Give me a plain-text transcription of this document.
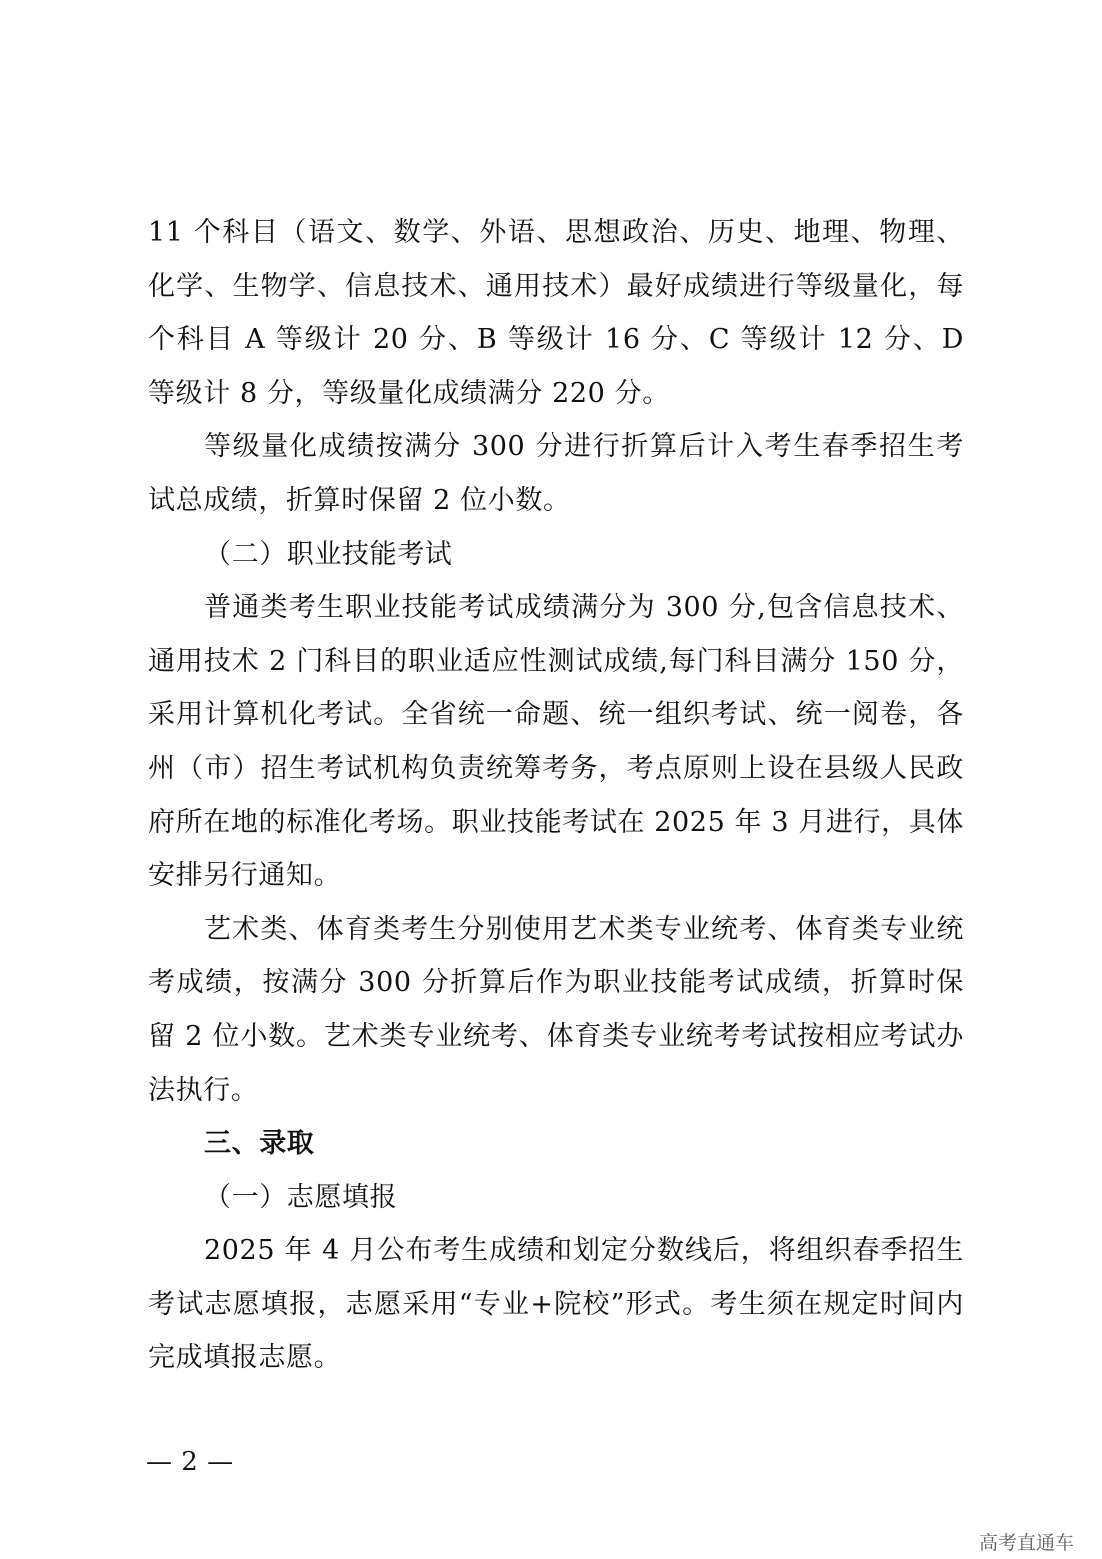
11 个科目（语文、数学、外语、思想政治、历史、地理、物理、化学、生物学、信息技术、通用技术）最好成绩进行等级量化，每个科目 A 等级计 20 分、B 等级计 16 分、C 等级计 12 分、D 等级计 8 分，等级量化成绩满分 220 分。

等级量化成绩按满分 300 分进行折算后计入考生春季招生考试总成绩，折算时保留 2 位小数。

（二）职业技能考试

普通类考生职业技能考试成绩满分为 300 分,包含信息技术、通用技术 2 门科目的职业适应性测试成绩,每门科目满分 150 分，采用计算机化考试。全省统一命题、统一组织考试、统一阅卷，各州（市）招生考试机构负责统筹考务，考点原则上设在县级人民政府所在地的标准化考场。职业技能考试在 2025 年 3 月进行，具体安排另行通知。

艺术类、体育类考生分别使用艺术类专业统考、体育类专业统考成绩，按满分 300 分折算后作为职业技能考试成绩，折算时保留 2 位小数。艺术类专业统考、体育类专业统考考试按相应考试办法执行。

三、录取

（一）志愿填报

2025 年 4 月公布考生成绩和划定分数线后，将组织春季招生考试志愿填报，志愿采用“专业+院校”形式。考生须在规定时间内完成填报志愿。

— 2 —
高考直通车
